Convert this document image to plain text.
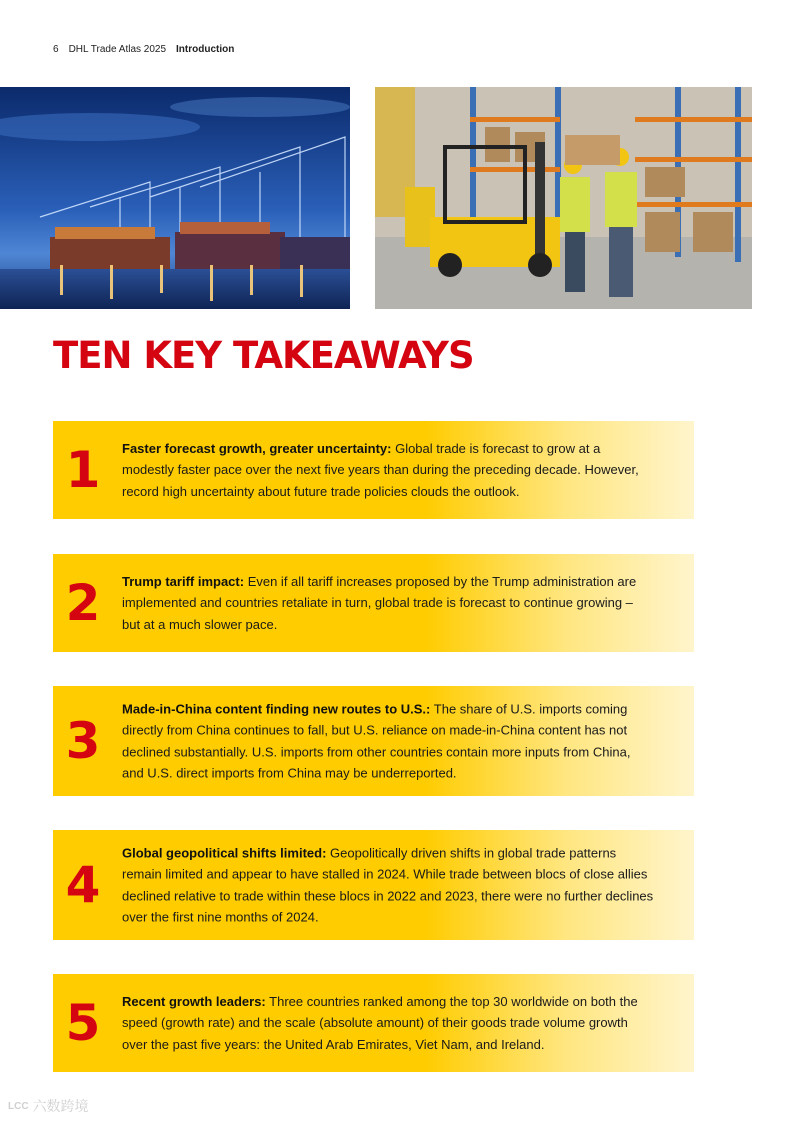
6 DHL Trade Atlas 2025 Introduction
TEN KEY TAKEAWAYS
1 Faster forecast growth, greater uncertainty: Global trade is forecast to grow at a modestly faster pace over the next five years than during the preceding decade. However, record high uncertainty about future trade policies clouds the outlook.

2 Trump tariff impact: Even if all tariff increases proposed by the Trump administration are implemented and countries retaliate in turn, global trade is forecast to continue growing – but at a much slower pace.

3

Made-in-China content finding new routes to U.S.: The share of U.S. imports coming directly from China continues to fall, but U.S. reliance on made-in-China content has not declined substantially. U.S. imports from other countries contain more inputs from China, and U.S. direct imports from China may be underreported.

4

Global geopolitical shifts limited: Geopolitically driven shifts in global trade patterns remain limited and appear to have stalled in 2024. While trade between blocs of close allies declined relative to trade within these blocs in 2022 and 2023, there were no further declines over the first nine months of 2024.

5 Recent growth leaders: Three countries ranked among the top 30 worldwide on both the speed (growth rate) and the scale (absolute amount) of their goods trade volume growth over the past five years: the United Arab Emirates, Viet Nam, and Ireland.

LCC 六数跨境
